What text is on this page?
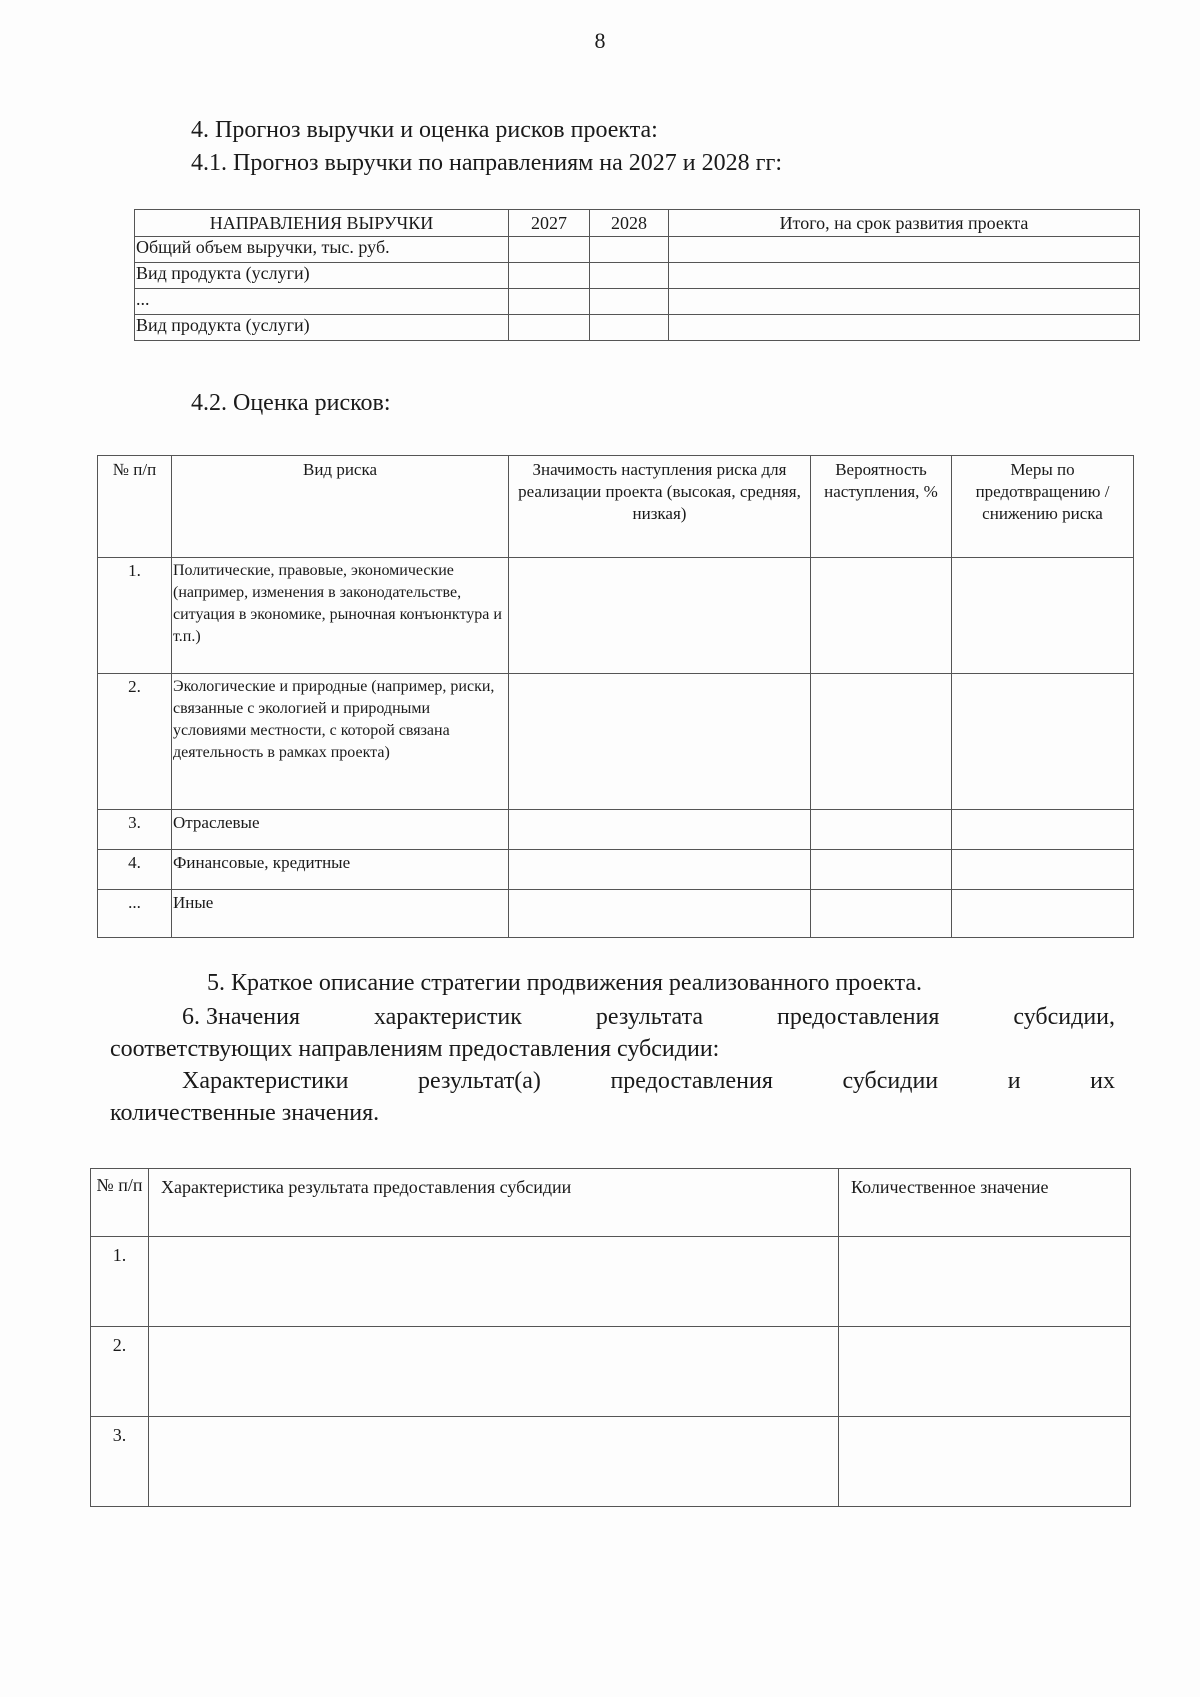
8
4. Прогноз выручки и оценка рисков проекта:
4.1. Прогноз выручки по направлениям на 2027 и 2028 гг:
НАПРАВЛЕНИЯ ВЫРУЧКИ	2027	2028	Итого, на срок развития проекта
Общий объем выручки, тыс. руб.			
Вид продукта (услуги)			
...			
Вид продукта (услуги)			
4.2. Оценка рисков:
№ п/п	Вид риска	Значимость наступления риска для реализации проекта (высокая, средняя, низкая)	Вероятность наступления, %	Меры по предотвращению / снижению риска
1.	Политические, правовые, экономические (например, изменения в законодательстве, ситуация в экономике, рыночная конъюнктура и т.п.)			
2.	Экологические и природные (например, риски, связанные с экологией и природными условиями местности, с которой связана деятельность в рамках проекта)			
3.	Отраслевые			
4.	Финансовые, кредитные			
...	Иные			
5. Краткое описание стратегии продвижения реализованного проекта.
6. Значения	характеристик	результата	предоставления	субсидии,
соответствующих направлениям предоставления субсидии:
Характеристики	результат(а)	предоставления	субсидии	и	их
количественные значения.
№ п/п	Характеристика результата предоставления субсидии	Количественное значение
1.		
2.		
3.		
